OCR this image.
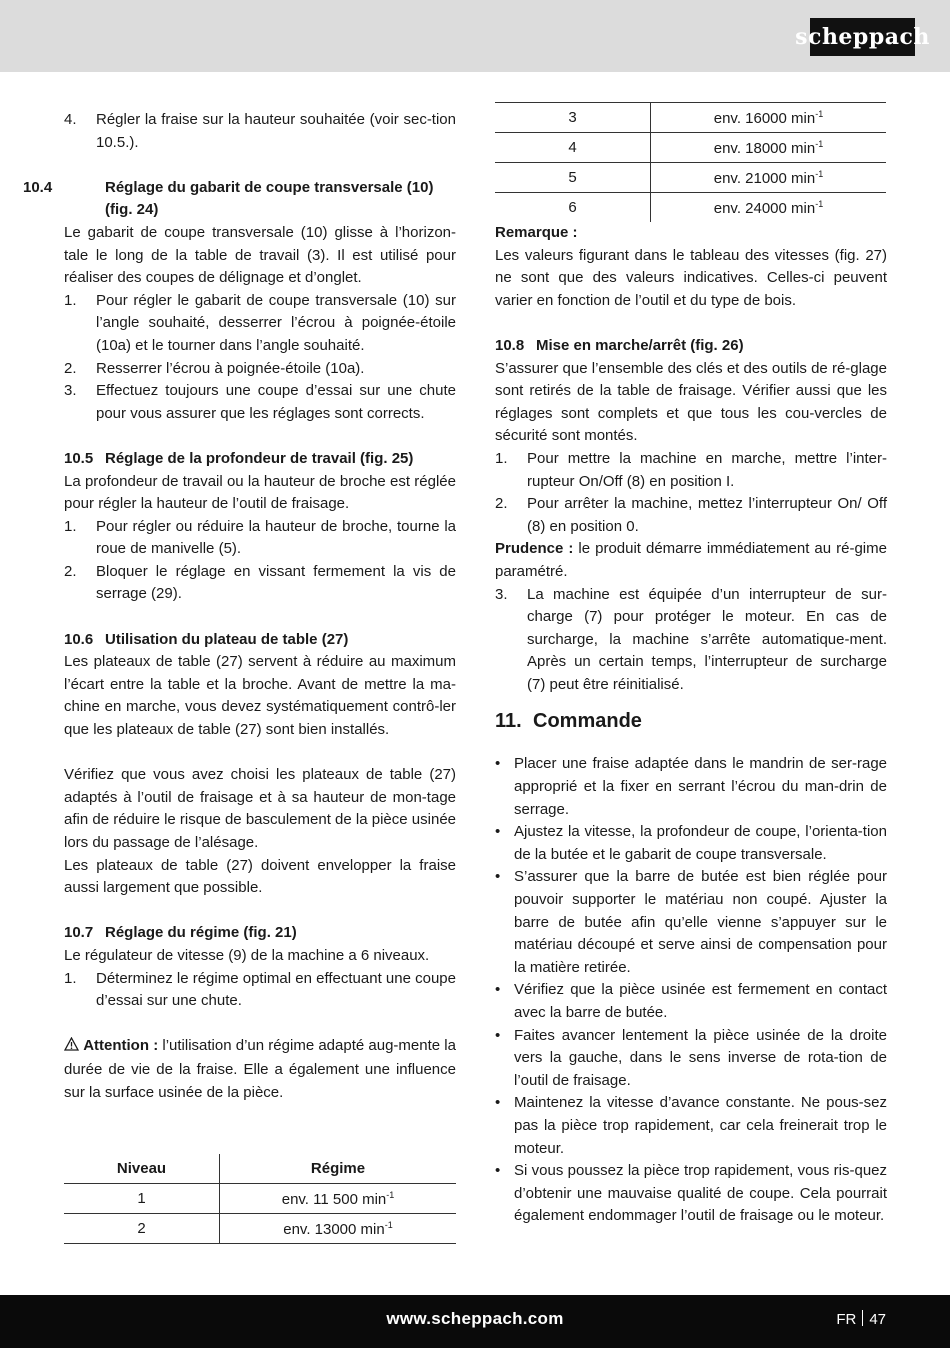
scheppach
3	env. 16000 $\min^{-1}$
4	env. 18000 $\min^{-1}$
5	env. 21000 $\min^{-1}$
6	env. 24000 $\min^{-1}$
4. Régler la fraise sur la hauteur souhaitée (voir sec-tion 10.5.).

10.4	Réglage du gabarit de coupe transversale (10) (fig. 24)

Le gabarit de coupe transversale (10) glisse à l’horizon-tale le long de la table de travail (3). Il est utilisé pour réaliser des coupes de délignage et d’onglet.

1. Pour régler le gabarit de coupe transversale (10) sur l’angle souhaité, desserrer l’écrou à poignée-étoile (10a) et le tourner dans l’angle souhaité.
2. Resserrer l’écrou à poignée-étoile (10a).
3. Effectuez toujours une coupe d’essai sur une chute pour vous assurer que les réglages sont corrects.

10.5 Réglage de la profondeur de travail (fig. 25)

La profondeur de travail ou la hauteur de broche est réglée pour régler la hauteur de l’outil de fraisage.

1. Pour régler ou réduire la hauteur de broche, tourne la roue de manivelle (5).
2. Bloquer le réglage en vissant fermement la vis de serrage (29).

10.6 Utilisation du plateau de table (27)

Les plateaux de table (27) servent à réduire au maximum l’écart entre la table et la broche. Avant de mettre la ma-chine en marche, vous devez systématiquement contrô-ler que les plateaux de table (27) sont bien installés.

Vérifiez que vous avez choisi les plateaux de table (27) adaptés à l’outil de fraisage et à sa hauteur de mon-tage afin de réduire le risque de basculement de la pièce usinée lors du passage de l’alésage.

Les plateaux de table (27) doivent envelopper la fraise aussi largement que possible.

10.7 Réglage du régime (fig. 21)

Le régulateur de vitesse (9) de la machine a 6 niveaux.

1. Déterminez le régime optimal en effectuant une coupe d’essai sur une chute.

Attention : l’utilisation d’un régime adapté aug-mente la durée de vie de la fraise. Elle a également une influence sur la surface usinée de la pièce.

Niveau	Régime
1	env. 11 500 $\min^{-1}$
2	env. 13000 $\min^{-1}$

Remarque :

Les valeurs figurant dans le tableau des vitesses (fig. 27) ne sont que des valeurs indicatives. Celles-ci peuvent varier en fonction de l’outil et du type de bois.

10.8 Mise en marche/arrêt (fig. 26)

S’assurer que l’ensemble des clés et des outils de ré-glage sont retirés de la table de fraisage. Vérifier aussi que les réglages sont complets et que tous les cou-vercles de sécurité sont montés.

1. Pour mettre la machine en marche, mettre l’inter-rupteur On/Off (8) en position I.
2. Pour arrêter la machine, mettez l’interrupteur On/ Off (8) en position 0.

Prudence : le produit démarre immédiatement au ré-gime paramétré.

3. La machine est équipée d’un interrupteur de sur-charge (7) pour protéger le moteur. En cas de surcharge, la machine s’arrête automatique-ment. Après un certain temps, l’interrupteur de surcharge (7) peut être réinitialisé.

11. Commande

• Placer une fraise adaptée dans le mandrin de ser-rage approprié et la fixer en serrant l’écrou du man-drin de serrage.
• Ajustez la vitesse, la profondeur de coupe, l’orienta-tion de la butée et le gabarit de coupe transversale.
• S’assurer que la barre de butée est bien réglée pour pouvoir supporter le matériau non coupé. Ajuster la barre de butée afin qu’elle vienne s’appuyer sur le matériau découpé et serve ainsi de compensation pour la matière retirée.
• Vérifiez que la pièce usinée est fermement en contact avec la barre de butée.
• Faites avancer lentement la pièce usinée de la droite vers la gauche, dans le sens inverse de rota-tion de l’outil de fraisage.
• Maintenez la vitesse d’avance constante. Ne pous-sez pas la pièce trop rapidement, car cela freinerait trop le moteur.
• Si vous poussez la pièce trop rapidement, vous ris-quez d’obtenir une mauvaise qualité de coupe. Cela pourrait également endommager l’outil de fraisage ou le moteur.
www.scheppach.com	FR 47
